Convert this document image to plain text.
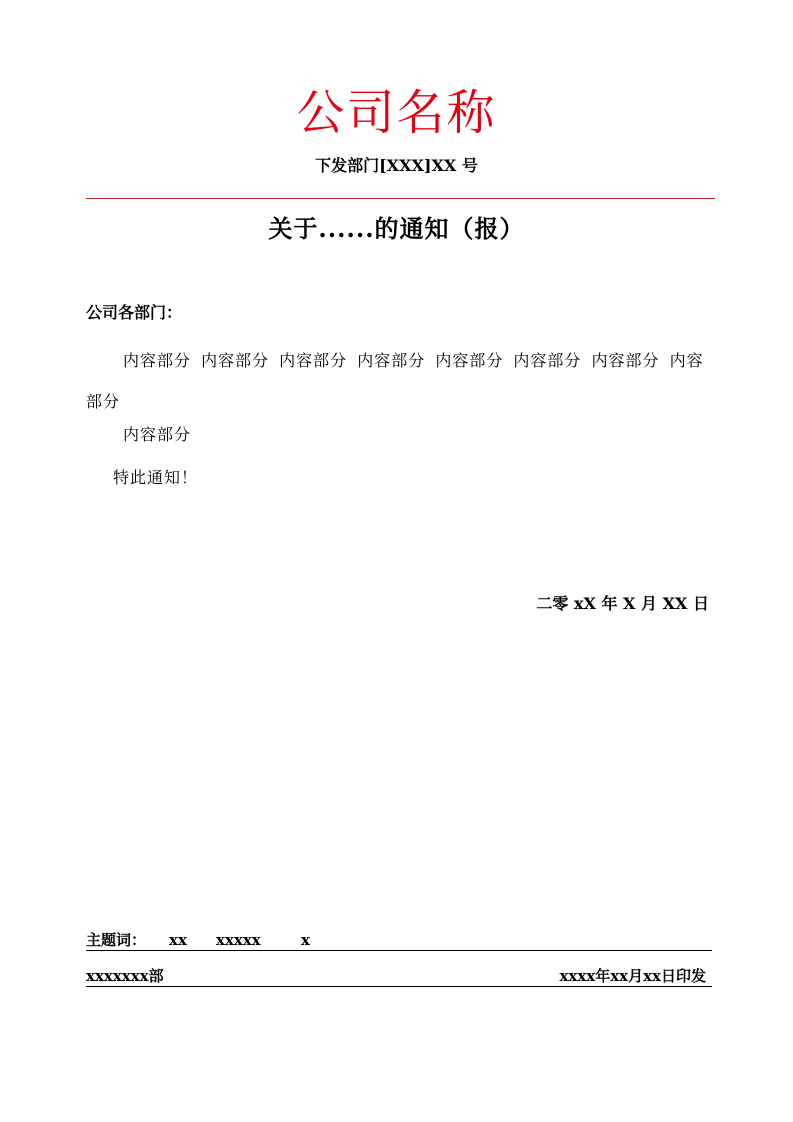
公司名称
下发部门[XXX]XX 号
关于......的通知（报）
公司各部门：
内容部分 内容部分 内容部分 内容部分 内容部分 内容部分 内容部分 内容部分
内容部分
特此通知！
二零 xX 年 X 月 XX 日
主题词： xx xxxxx	x
xxxxxxx部	xxxx年xx月xx日印发
